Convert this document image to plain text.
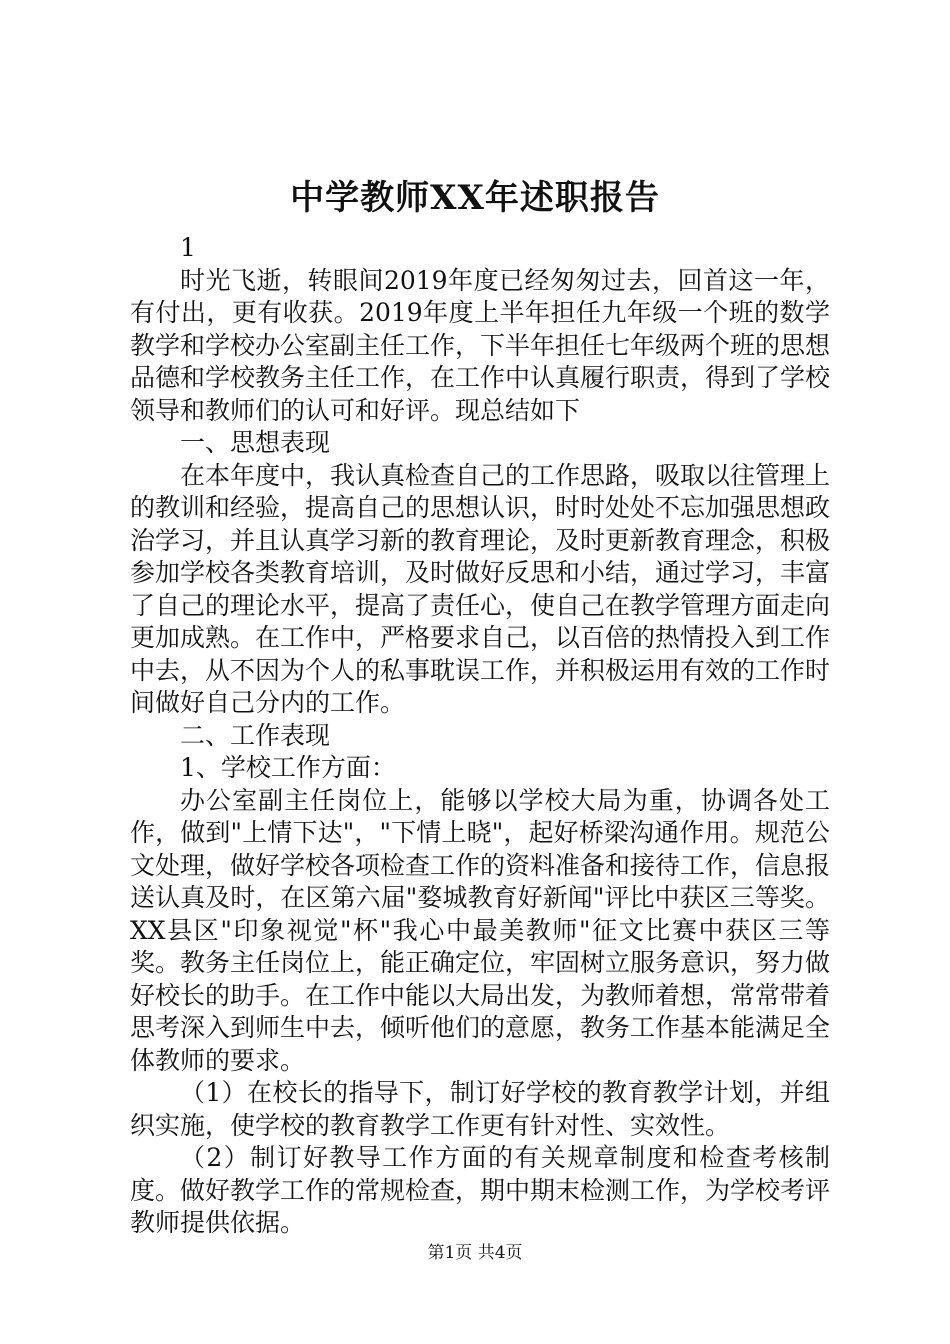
中学教师XX年述职报告

1

时光飞逝，转眼间2019年度已经匆匆过去，回首这一年，有付出，更有收获。2019年度上半年担任九年级一个班的数学教学和学校办公室副主任工作，下半年担任七年级两个班的思想品德和学校教务主任工作，在工作中认真履行职责，得到了学校领导和教师们的认可和好评。现总结如下

一、思想表现

在本年度中，我认真检查自己的工作思路，吸取以往管理上的教训和经验，提高自己的思想认识，时时处处不忘加强思想政治学习，并且认真学习新的教育理论，及时更新教育理念，积极参加学校各类教育培训，及时做好反思和小结，通过学习，丰富了自己的理论水平，提高了责任心，使自己在教学管理方面走向更加成熟。在工作中，严格要求自己，以百倍的热情投入到工作中去，从不因为个人的私事耽误工作，并积极运用有效的工作时间做好自己分内的工作。

二、工作表现

1、学校工作方面：

办公室副主任岗位上，能够以学校大局为重，协调各处工作，做到"上情下达"，"下情上晓"，起好桥梁沟通作用。规范公文处理，做好学校各项检查工作的资料准备和接待工作，信息报送认真及时，在区第六届"婺城教育好新闻"评比中获区三等奖。XX县区"印象视觉"杯"我心中最美教师"征文比赛中获区三等奖。教务主任岗位上，能正确定位，牢固树立服务意识，努力做好校长的助手。在工作中能以大局出发，为教师着想，常常带着思考深入到师生中去，倾听他们的意愿，教务工作基本能满足全体教师的要求。

（1）在校长的指导下，制订好学校的教育教学计划，并组织实施，使学校的教育教学工作更有针对性、实效性。

（2）制订好教导工作方面的有关规章制度和检查考核制度。做好教学工作的常规检查，期中期末检测工作，为学校考评教师提供依据。

第1页 共4页
